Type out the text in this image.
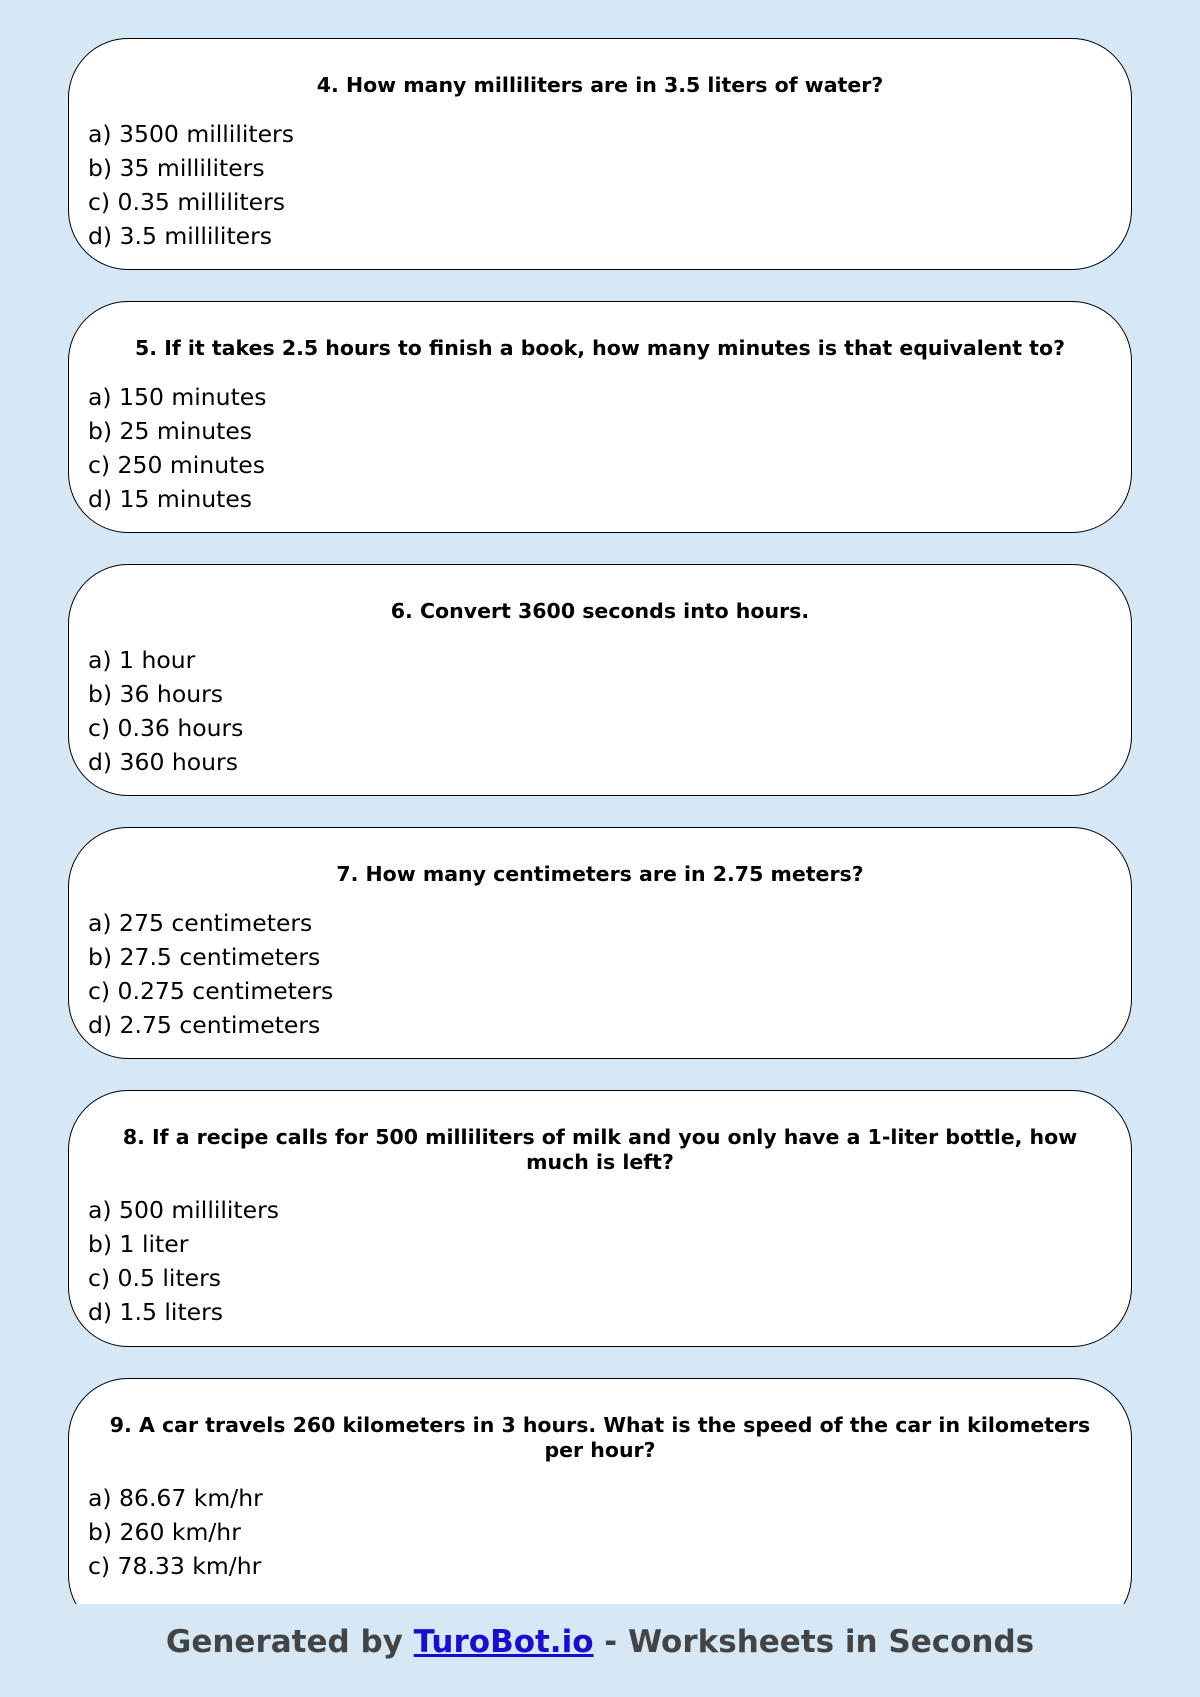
4. How many milliliters are in 3.5 liters of water?
a) 3500 milliliters
b) 35 milliliters
c) 0.35 milliliters
d) 3.5 milliliters
5. If it takes 2.5 hours to finish a book, how many minutes is that equivalent to?
a) 150 minutes
b) 25 minutes
c) 250 minutes
d) 15 minutes
6. Convert 3600 seconds into hours.
a) 1 hour
b) 36 hours
c) 0.36 hours
d) 360 hours
7. How many centimeters are in 2.75 meters?
a) 275 centimeters
b) 27.5 centimeters
c) 0.275 centimeters
d) 2.75 centimeters
8. If a recipe calls for 500 milliliters of milk and you only have a 1-liter bottle, how much is left?
a) 500 milliliters
b) 1 liter
c) 0.5 liters
d) 1.5 liters
9. A car travels 260 kilometers in 3 hours. What is the speed of the car in kilometers per hour?
a) 86.67 km/hr
b) 260 km/hr
c) 78.33 km/hr
Generated by TuroBot.io - Worksheets in Seconds
